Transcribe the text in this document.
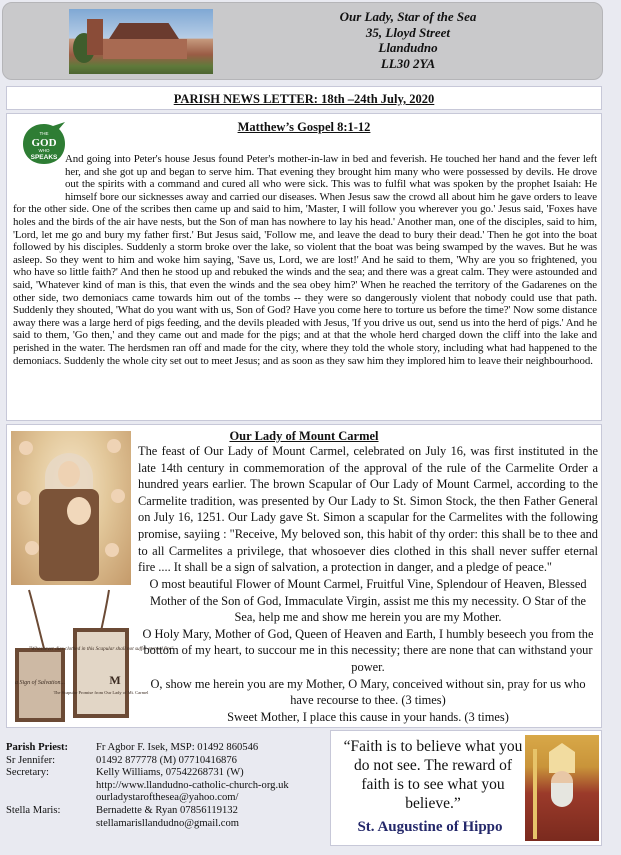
Our Lady, Star of the Sea
35, Lloyd Street
Llandudno
LL30 2YA
PARISH NEWS LETTER: 18th –24th July, 2020
Matthew’s Gospel 8:1-12
THE
GOD
WHO
SPEAKS And going into Peter's house Jesus found Peter's mother-in-law in bed and feverish. He touched her hand and the fever left her, and she got up and began to serve him. That evening they brought him many who were possessed by devils. He drove out the spirits with a command and cured all who were sick. This was to fulfil what was spoken by the prophet Isaiah: He himself bore our sicknesses away and carried our diseases. When Jesus saw the crowd all about him he gave orders to leave for the other side. One of the scribes then came up and said to him, 'Master, I will follow you wherever you go.' Jesus said, 'Foxes have holes and the birds of the air have nests, but the Son of man has nowhere to lay his head.' Another man, one of the disciples, said to him, 'Lord, let me go and bury my father first.' But Jesus said, 'Follow me, and leave the dead to bury their dead.' Then he got into the boat followed by his disciples. Suddenly a storm broke over the lake, so violent that the boat was being swamped by the waves. But he was asleep. So they went to him and woke him saying, 'Save us, Lord, we are lost!' And he said to them, 'Why are you so frightened, you who have so little faith?' And then he stood up and rebuked the winds and the sea; and there was a great calm. They were astounded and said, 'Whatever kind of man is this, that even the winds and the sea obey him?' When he reached the territory of the Gadarenes on the other side, two demoniacs came towards him out of the tombs -- they were so dangerously violent that nobody could use that path. Suddenly they shouted, 'What do you want with us, Son of God? Have you come here to torture us before the time?' Now some distance away there was a large herd of pigs feeding, and the devils pleaded with Jesus, 'If you drive us out, send us into the herd of pigs.' And he said to them, 'Go then,' and they came out and made for the pigs; and at that the whole herd charged down the cliff into the lake and perished in the water. The herdsmen ran off and made for the city, where they told the whole story, including what had happened to the demoniacs. Suddenly the whole city set out to meet Jesus; and as soon as they saw him they implored him to leave their neighbourhood.
a Sign of Salvation...
"Whosoever dies clothed in this Scapular shall not suffer eternal fire"
The Scapular Promise from Our Lady of Mt. Carmel
M
Our Lady of Mount Carmel
The feast of Our Lady of Mount Carmel, celebrated on July 16, was first instituted in the late 14th century in commemoration of the approval of the rule of the Carmelite Order a hundred years earlier. The brown Scapular of Our Lady of Mount Carmel, according to the Carmelite tradition, was presented by Our Lady to St. Simon Stock, the then Father General on July 16, 1251. Our Lady gave St. Simon a scapular for the Carmelites with the following promise, sayiing : "Receive, My beloved son, this habit of thy order: this shall be to thee and to all Carmelites a privilege, that whosoever dies clothed in this shall never suffer eternal fire .... It shall be a sign of salvation, a protection in danger, and a pledge of peace."

O most beautiful Flower of Mount Carmel, Fruitful Vine, Splendour of Heaven, Blessed Mother of the Son of God, Immaculate Virgin, assist me this my necessity. O Star of the Sea, help me and show me herein you are my Mother.

O Holy Mary, Mother of God, Queen of Heaven and Earth, I humbly beseech you from the bottom of my heart, to succour me in this necessity; there are none that can withstand your power.

O, show me herein you are my Mother, O Mary, conceived without sin, pray for us who have recourse to thee. (3 times)

Sweet Mother, I place this cause in your hands. (3 times)

Parish Priest:	Fr Agbor F. Isek, MSP: 01492 860546
Sr Jennifer:	01492 877778 (M) 07710416876
Secretary:	Kelly Williams, 07542268731 (W)
http://www.llandudno-catholic-church-org.uk
ourladystarofthesea@yahoo.com/
Stella Maris:	Bernadette & Ryan 07856119132
stellamarisllandudno@gmail.com
“Faith is to believe what you do not see. The reward of faith is to see what you believe.”
St. Augustine of Hippo
